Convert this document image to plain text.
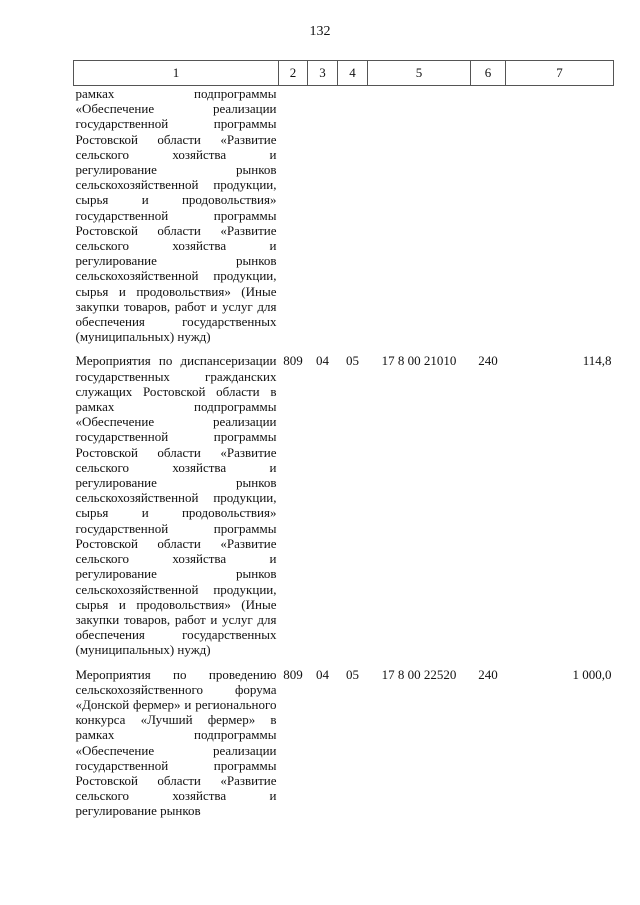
132
1	2	3	4	5	6	7
рамках подпрограммы «Обеспечение реализации государственной программы Ростовской области «Развитие сельского хозяйства и регулирование рынков сельскохозяйственной продукции, сырья и продовольствия» государственной программы Ростовской области «Развитие сельского хозяйства и регулирование рынков сельскохозяйственной продукции, сырья и продовольствия» (Иные закупки товаров, работ и услуг для обеспечения государственных (муниципальных) нужд)						
Мероприятия по диспансеризации государственных гражданских служащих Ростовской области в рамках подпрограммы «Обеспечение реализации государственной программы Ростовской области «Развитие сельского хозяйства и регулирование рынков сельскохозяйственной продукции, сырья и продовольствия» государственной программы Ростовской области «Развитие сельского хозяйства и регулирование рынков сельскохозяйственной продукции, сырья и продовольствия» (Иные закупки товаров, работ и услуг для обеспечения государственных (муниципальных) нужд)	809	04	05	17 8 00 21010	240	114,8
Мероприятия по проведению сельскохозяйственного форума «Донской фермер» и регионального конкурса «Лучший фермер» в рамках подпрограммы «Обеспечение реализации государственной программы Ростовской области «Развитие сельского хозяйства и регулирование рынков	809	04	05	17 8 00 22520	240	1 000,0
